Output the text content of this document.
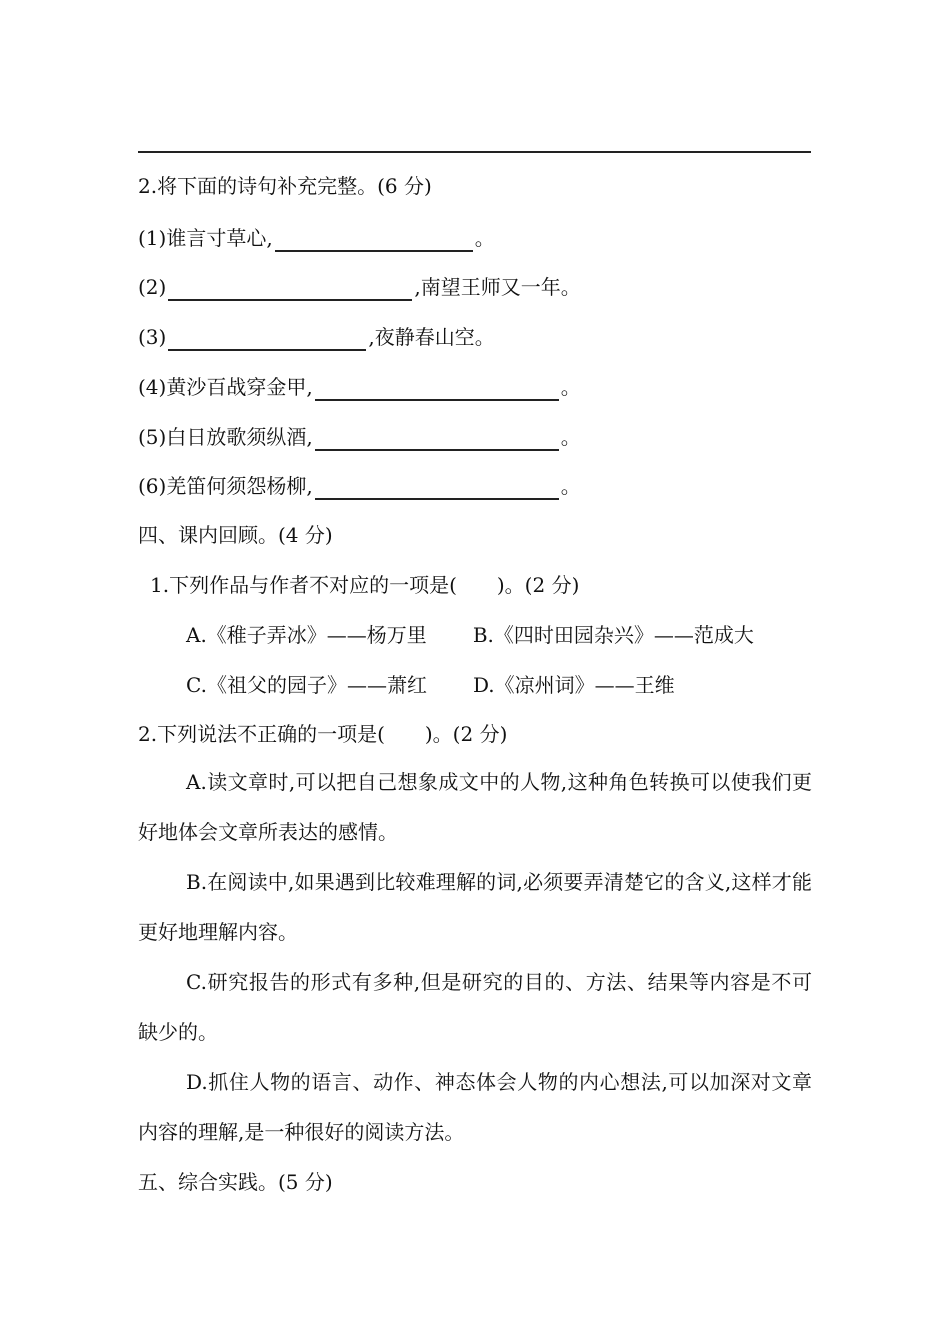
2.将下面的诗句补充完整。(6 分)
(1)谁言寸草心,	。
(2)	,南望王师又一年。
(3)	,夜静春山空。
(4)黄沙百战穿金甲,	。
(5)白日放歌须纵酒,	。
(6)羌笛何须怨杨柳,	。
四、课内回顾。(4 分)
1.下列作品与作者不对应的一项是(　　)。(2 分)
A.《稚子弄冰》——杨万里 B.《四时田园杂兴》——范成大
C.《祖父的园子》——萧红 D.《凉州词》——王维
2.下列说法不正确的一项是(　　)。(2 分)
A.读文章时,可以把自己想象成文中的人物,这种角色转换可以使我们更好地体会文章所表达的感情。
B.在阅读中,如果遇到比较难理解的词,必须要弄清楚它的含义,这样才能更好地理解内容。
C.研究报告的形式有多种,但是研究的目的、方法、结果等内容是不可缺少的。
D.抓住人物的语言、动作、神态体会人物的内心想法,可以加深对文章内容的理解,是一种很好的阅读方法。
五、综合实践。(5 分)
